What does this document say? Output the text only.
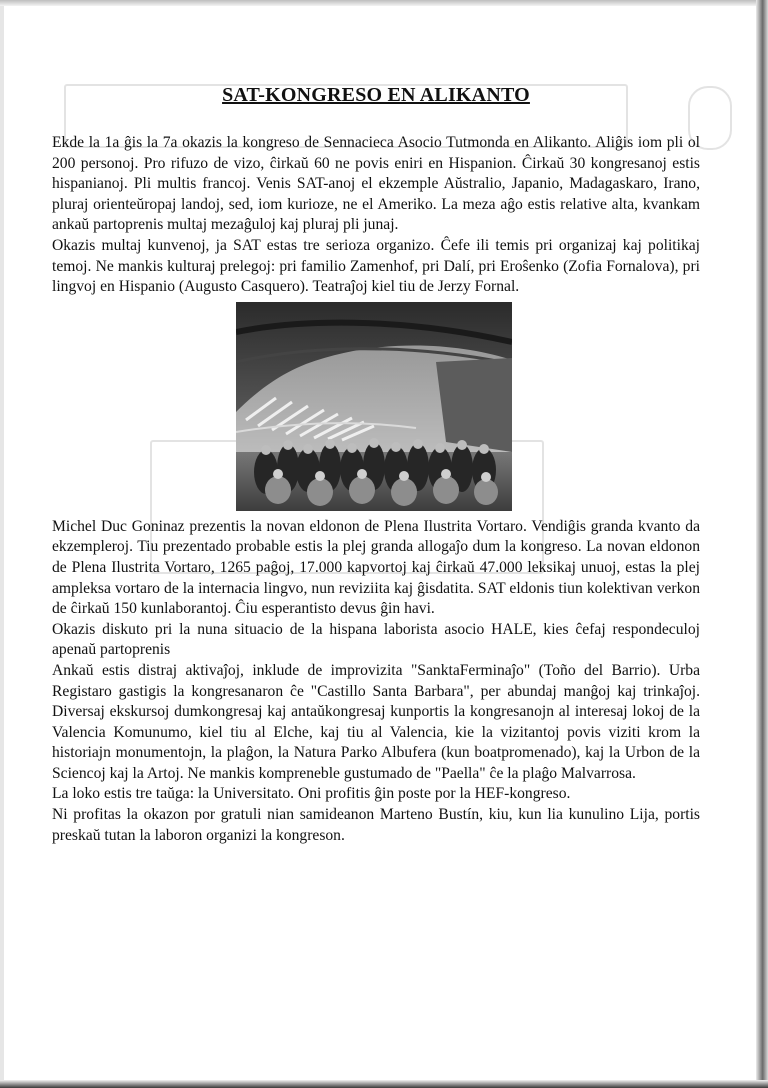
SAT-KONGRESO EN ALIKANTO

Ekde la 1a ĝis la 7a okazis la kongreso de Sennacieca Asocio Tutmonda en Alikanto. Aliĝis iom pli ol 200 personoj. Pro rifuzo de vizo, ĉirkaŭ 60 ne povis eniri en Hispanion. Ĉirkaŭ 30 kongresanoj estis hispanianoj. Pli multis francoj. Venis SAT-anoj el ekzemple Aŭstralio, Japanio, Madagaskaro, Irano, pluraj orienteŭropaj landoj, sed, iom kurioze, ne el Ameriko. La meza aĝo estis relative alta, kvankam ankaŭ partoprenis multaj mezaĝuloj kaj pluraj pli junaj.

Okazis multaj kunvenoj, ja SAT estas tre serioza organizo. Ĉefe ili temis pri organizaj kaj politikaj temoj. Ne mankis kulturaj prelegoj: pri familio Zamenhof, pri Dalí, pri Eroŝenko (Zofia Fornalova), pri lingvoj en Hispanio (Augusto Casquero). Teatraĵoj kiel tiu de Jerzy Fornal.

Michel Duc Goninaz prezentis la novan eldonon de Plena Ilustrita Vortaro. Vendiĝis granda kvanto da ekzempleroj. Tiu prezentado probable estis la plej granda allogaĵo dum la kongreso. La novan eldonon de Plena Ilustrita Vortaro, 1265 paĝoj, 17.000 kapvortoj kaj ĉirkaŭ 47.000 leksikaj unuoj, estas la plej ampleksa vortaro de la internacia lingvo, nun reviziita kaj ĝisdatita. SAT eldonis tiun kolektivan verkon de ĉirkaŭ 150 kunlaborantoj. Ĉiu esperantisto devus ĝin havi.

Okazis diskuto pri la nuna situacio de la hispana laborista asocio HALE, kies ĉefaj respondeculoj apenaŭ partoprenis

Ankaŭ estis distraj aktivaĵoj, inklude de improvizita "SanktaFerminaĵo" (Toño del Barrio). Urba Registaro gastigis la kongresanaron ĉe "Castillo Santa Barbara", per abundaj manĝoj kaj trinkaĵoj. Diversaj ekskursoj dumkongresaj kaj antaŭkongresaj kunportis la kongresanojn al interesaj lokoj de la Valencia Komunumo, kiel tiu al Elche, kaj tiu al Valencia, kie la vizitantoj povis viziti krom la historiajn monumentojn, la plaĝon, la Natura Parko Albufera (kun boatpromenado), kaj la Urbon de la Sciencoj kaj la Artoj. Ne mankis kompreneble gustumado de "Paella" ĉe la plaĝo Malvarrosa.

La loko estis tre taŭga: la Universitato. Oni profitis ĝin poste por la HEF-kongreso.

Ni profitas la okazon por gratuli nian samideanon Marteno Bustín, kiu, kun lia kunulino Lija, portis preskaŭ tutan la laboron organizi la kongreson.
